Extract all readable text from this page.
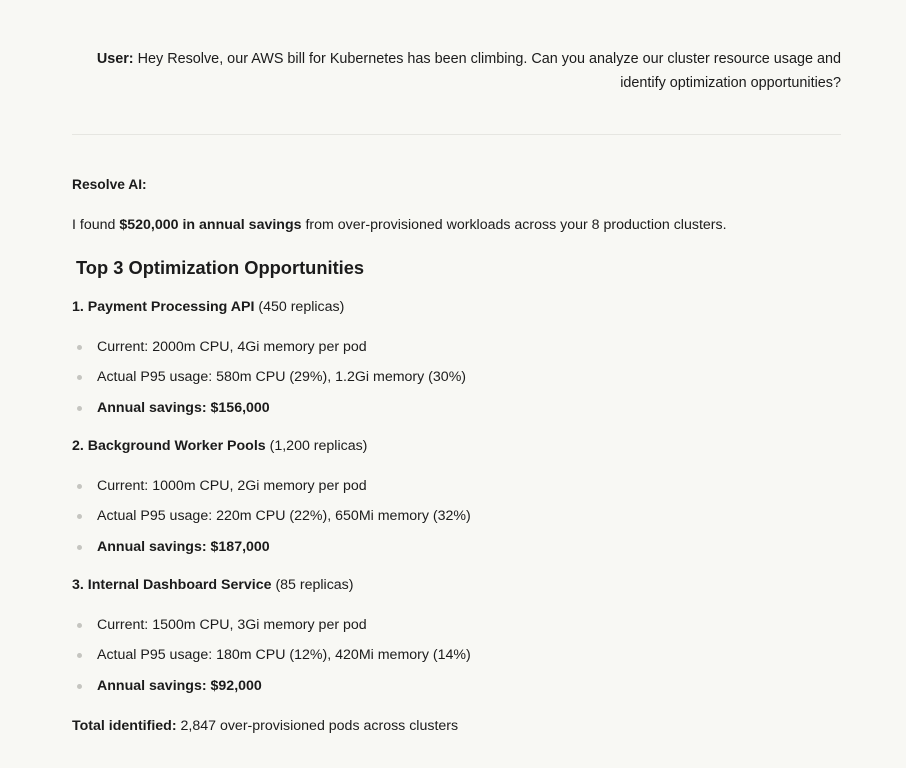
User: Hey Resolve, our AWS bill for Kubernetes has been climbing. Can you analyze our cluster resource usage and identify optimization opportunities?
Resolve AI:
I found $520,000 in annual savings from over-provisioned workloads across your 8 production clusters.
Top 3 Optimization Opportunities
1. Payment Processing API (450 replicas)
Current: 2000m CPU, 4Gi memory per pod
Actual P95 usage: 580m CPU (29%), 1.2Gi memory (30%)
Annual savings: $156,000
2. Background Worker Pools (1,200 replicas)
Current: 1000m CPU, 2Gi memory per pod
Actual P95 usage: 220m CPU (22%), 650Mi memory (32%)
Annual savings: $187,000
3. Internal Dashboard Service (85 replicas)
Current: 1500m CPU, 3Gi memory per pod
Actual P95 usage: 180m CPU (12%), 420Mi memory (14%)
Annual savings: $92,000
Total identified: 2,847 over-provisioned pods across clusters
